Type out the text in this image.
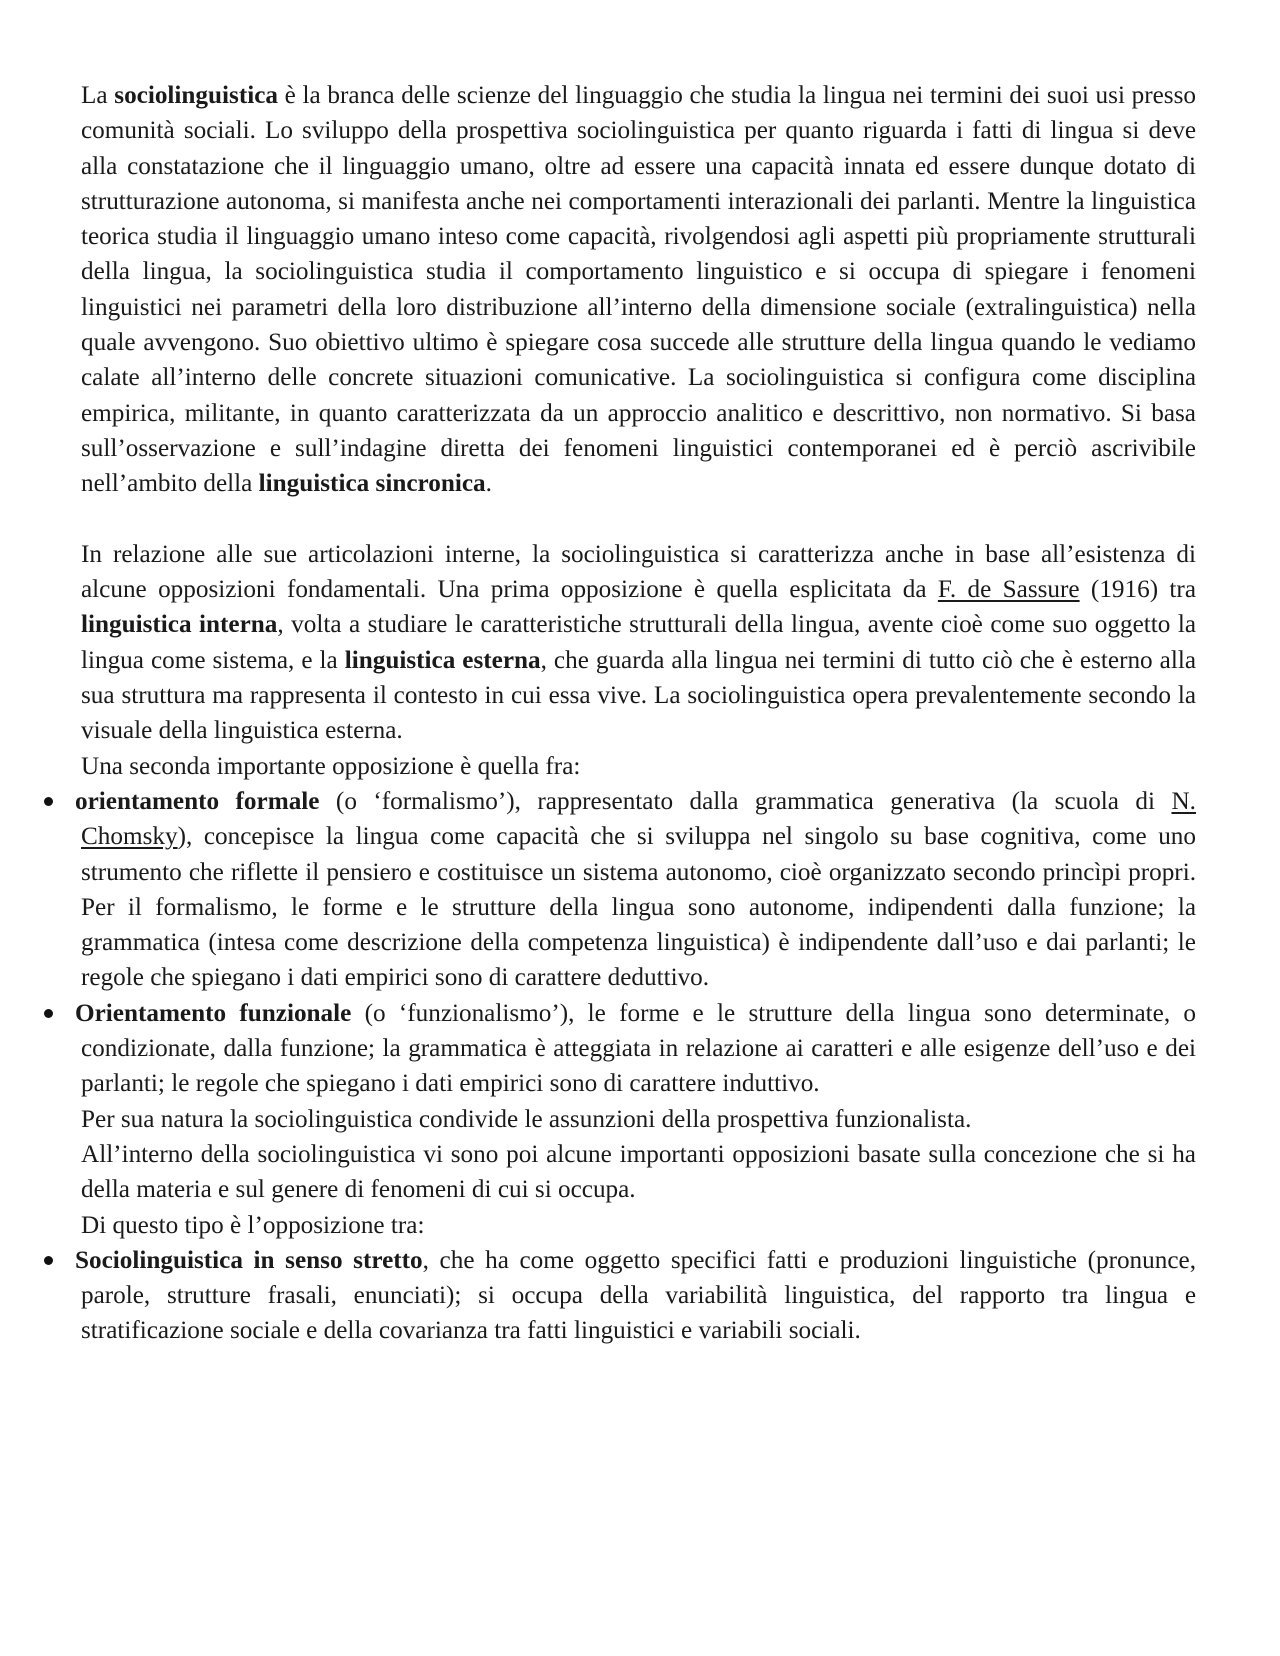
La sociolinguistica è la branca delle scienze del linguaggio che studia la lingua nei termini dei suoi usi presso comunità sociali. Lo sviluppo della prospettiva sociolinguistica per quanto riguarda i fatti di lingua si deve alla constatazione che il linguaggio umano, oltre ad essere una capacità innata ed essere dunque dotato di strutturazione autonoma, si manifesta anche nei comportamenti interazionali dei parlanti. Mentre la linguistica teorica studia il linguaggio umano inteso come capacità, rivolgendosi agli aspetti più propriamente strutturali della lingua, la sociolinguistica studia il comportamento linguistico e si occupa di spiegare i fenomeni linguistici nei parametri della loro distribuzione all’interno della dimensione sociale (extralinguistica) nella quale avvengono. Suo obiettivo ultimo è spiegare cosa succede alle strutture della lingua quando le vediamo calate all’interno delle concrete situazioni comunicative. La sociolinguistica si configura come disciplina empirica, militante, in quanto caratterizzata da un approccio analitico e descrittivo, non normativo. Si basa sull’osservazione e sull’indagine diretta dei fenomeni linguistici contemporanei ed è perciò ascrivibile nell’ambito della linguistica sincronica.

In relazione alle sue articolazioni interne, la sociolinguistica si caratterizza anche in base all’esistenza di alcune opposizioni fondamentali. Una prima opposizione è quella esplicitata da F. de Sassure (1916) tra linguistica interna, volta a studiare le caratteristiche strutturali della lingua, avente cioè come suo oggetto la lingua come sistema, e la linguistica esterna, che guarda alla lingua nei termini di tutto ciò che è esterno alla sua struttura ma rappresenta il contesto in cui essa vive. La sociolinguistica opera prevalentemente secondo la visuale della linguistica esterna.

Una seconda importante opposizione è quella fra:

orientamento formale (o ‘formalismo’), rappresentato dalla grammatica generativa (la scuola di N. Chomsky), concepisce la lingua come capacità che si sviluppa nel singolo su base cognitiva, come uno strumento che riflette il pensiero e costituisce un sistema autonomo, cioè organizzato secondo princìpi propri. Per il formalismo, le forme e le strutture della lingua sono autonome, indipendenti dalla funzione; la grammatica (intesa come descrizione della competenza linguistica) è indipendente dall’uso e dai parlanti; le regole che spiegano i dati empirici sono di carattere deduttivo.
Orientamento funzionale (o ‘funzionalismo’), le forme e le strutture della lingua sono determinate, o condizionate, dalla funzione; la grammatica è atteggiata in relazione ai caratteri e alle esigenze dell’uso e dei parlanti; le regole che spiegano i dati empirici sono di carattere induttivo.

Per sua natura la sociolinguistica condivide le assunzioni della prospettiva funzionalista.

All’interno della sociolinguistica vi sono poi alcune importanti opposizioni basate sulla concezione che si ha della materia e sul genere di fenomeni di cui si occupa.

Di questo tipo è l’opposizione tra:

Sociolinguistica in senso stretto, che ha come oggetto specifici fatti e produzioni linguistiche (pronunce, parole, strutture frasali, enunciati); si occupa della variabilità linguistica, del rapporto tra lingua e stratificazione sociale e della covarianza tra fatti linguistici e variabili sociali.
